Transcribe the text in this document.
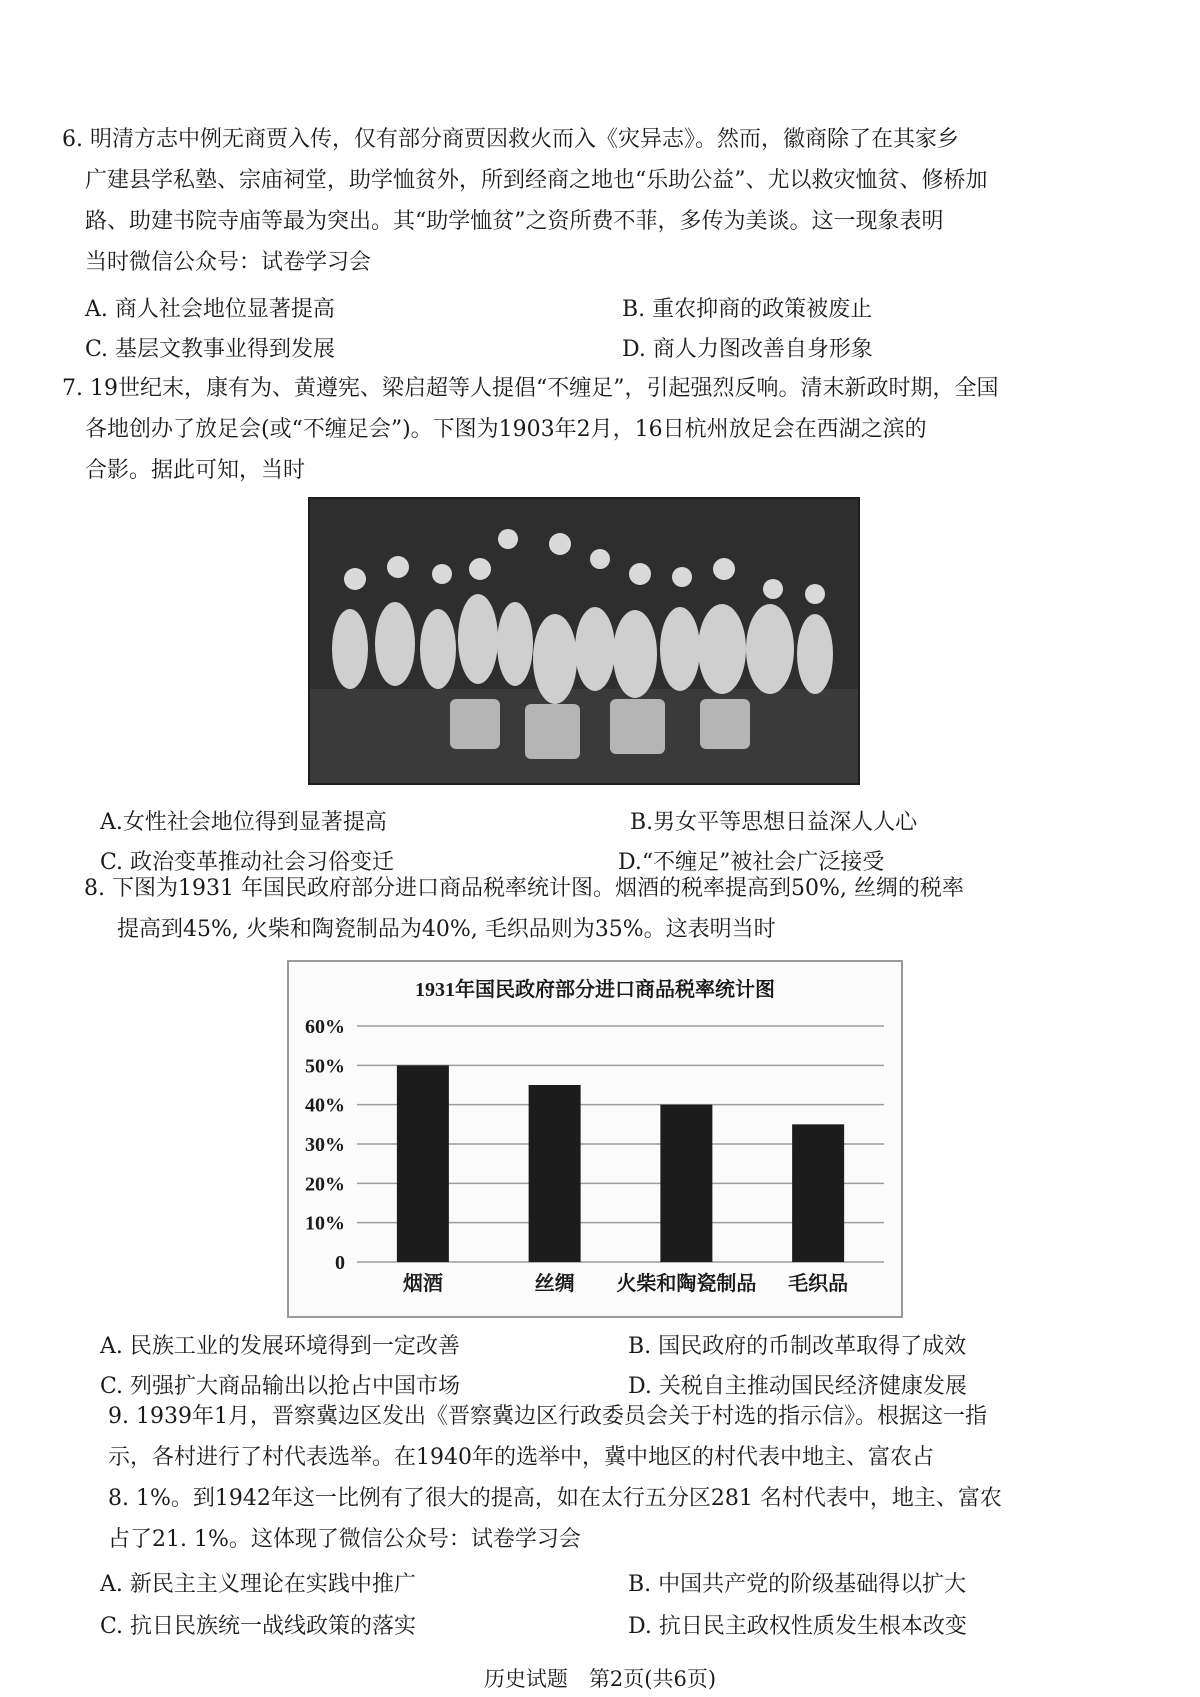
6. 明清方志中例无商贾入传，仅有部分商贾因救火而入《灾异志》。然而，徽商除了在其家乡
广建县学私塾、宗庙祠堂，助学恤贫外，所到经商之地也“乐助公益”、尤以救灾恤贫、修桥加
路、助建书院寺庙等最为突出。其“助学恤贫”之资所费不菲，多传为美谈。这一现象表明
当时微信公众号：试卷学习会
A. 商人社会地位显著提高	B. 重农抑商的政策被废止
C. 基层文教事业得到发展	D. 商人力图改善自身形象
7. 19世纪末，康有为、黄遵宪、梁启超等人提倡“不缠足”，引起强烈反响。清末新政时期，全国
各地创办了放足会(或“不缠足会”)。下图为1903年2月，16日杭州放足会在西湖之滨的
合影。据此可知，当时
A.女性社会地位得到显著提高	B.男女平等思想日益深人人心
C. 政治变革推动社会习俗变迁	D.“不缠足”被社会广泛接受
8. 下图为1931 年国民政府部分进口商品税率统计图。烟酒的税率提高到50%, 丝绸的税率
提高到45%, 火柴和陶瓷制品为40%, 毛织品则为35%。这表明当时
1931年国民政府部分进口商品税率统计图
0
10%
20%
30%
40%
50%
60%
烟酒	丝绸 火柴和陶瓷制品 毛织品
A. 民族工业的发展环境得到一定改善	B. 国民政府的币制改革取得了成效
C. 列强扩大商品输出以抢占中国市场	D. 关税自主推动国民经济健康发展
9. 1939年1月，晋察冀边区发出《晋察冀边区行政委员会关于村选的指示信》。根据这一指
示，各村进行了村代表选举。在1940年的选举中，冀中地区的村代表中地主、富农占
8. 1%。到1942年这一比例有了很大的提高，如在太行五分区281 名村代表中，地主、富农
占了21. 1%。这体现了微信公众号：试卷学习会
A. 新民主主义理论在实践中推广	B. 中国共产党的阶级基础得以扩大
C. 抗日民族统一战线政策的落实	D. 抗日民主政权性质发生根本改变
历史试题　第2页(共6页)
